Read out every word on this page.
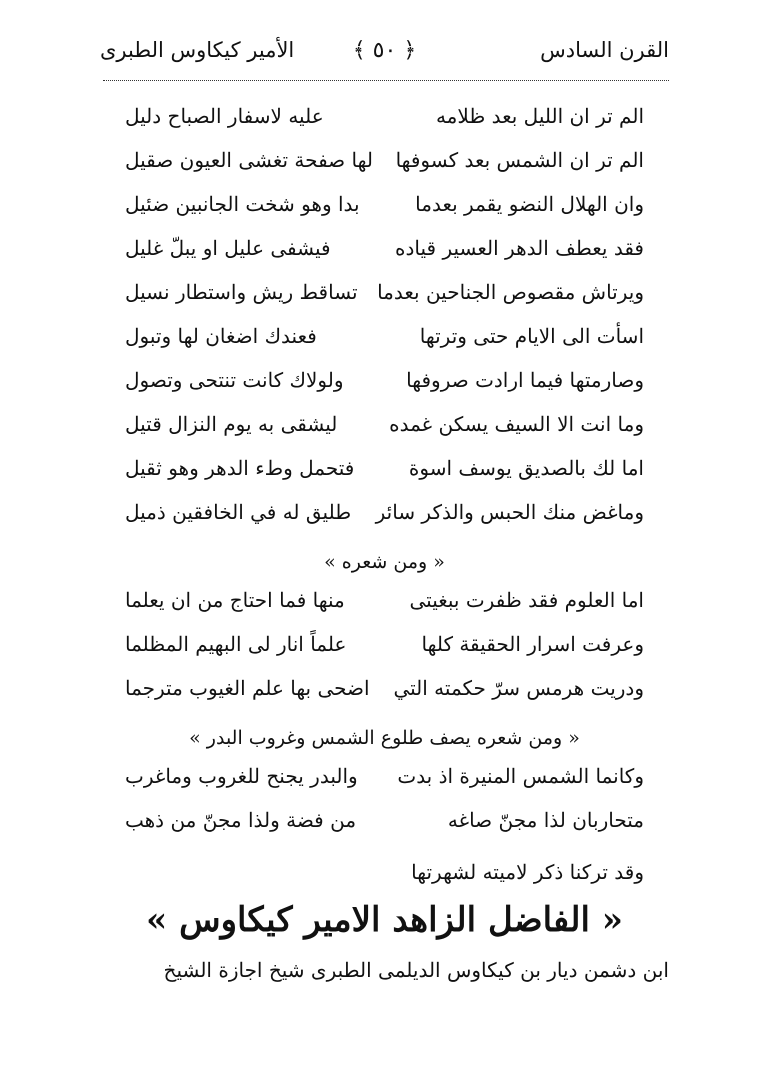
القرن السادس
﴿ ٥٠ ﴾
الأمير كيكاوس الطبرى
الم تر ان الليل بعد ظلامه
عليه لاسفار الصباح دليل
الم تر ان الشمس بعد كسوفها
لها صفحة تغشى العيون صقيل
وان الهلال النضو يقمر بعدما
بدا وهو شخت الجانبين ضئيل
فقد يعطف الدهر العسير قياده
فيشفى عليل او يبلّ غليل
ويرتاش مقصوص الجناحين بعدما
تساقط ريش واستطار نسيل
اسأت الى الايام حتى وترتها
فعندك اضغان لها وتبول
وصارمتها فيما ارادت صروفها
ولولاك كانت تنتحى وتصول
وما انت الا السيف يسكن غمده
ليشقى به يوم النزال قتيل
اما لك بالصديق يوسف اسوة
فتحمل وطء الدهر وهو ثقيل
وماغض منك الحبس والذكر سائر
طليق له في الخافقين ذميل
« ومن شعره »
اما العلوم فقد ظفرت ببغيتى
منها فما احتاج من ان يعلما
وعرفت اسرار الحقيقة كلها
علماً انار لى البهيم المظلما
ودريت هرمس سرّ حكمته التي
اضحى بها علم الغيوب مترجما
« ومن شعره يصف طلوع الشمس وغروب البدر »
وكانما الشمس المنيرة اذ بدت
والبدر يجنح للغروب وماغرب
متحاربان لذا مجنّ صاغه
من فضة ولذا مجنّ من ذهب
وقد تركنا ذكر لاميته لشهرتها
« الفاضل الزاهد الامير كيكاوس »
ابن دشمن ديار بن كيكاوس الديلمى الطبرى شيخ اجازة الشيخ
